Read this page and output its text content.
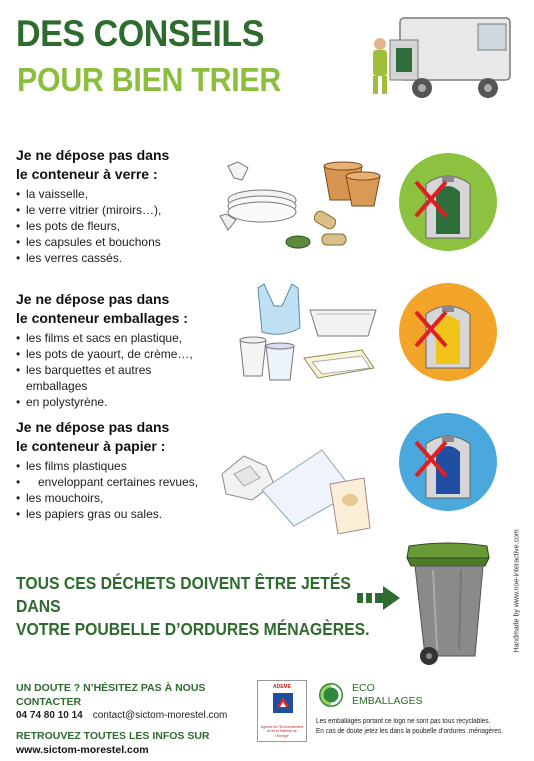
DES CONSEILS
POUR BIEN TRIER
Je ne dépose pas dans
le conteneur à verre :
• la vaisselle,
• le verre vitrier (miroirs…),
• les pots de fleurs,
• les capsules et bouchons
• les verres cassés.
Je ne dépose pas dans
le conteneur emballages :
• les films et sacs en plastique,
• les pots de yaourt, de crème…,
• les barquettes et autres emballages
• en polystyrène.
Je ne dépose pas dans
le conteneur à papier :
• les films plastiques
• enveloppant certaines revues,
• les mouchoirs,
• les papiers gras ou sales.
TOUS CES DÉCHETS DOIVENT ÊTRE JETÉS DANS
VOTRE POUBELLE D’ORDURES MÉNAGÈRES.	Handmade by www.noe-interactive.com
UN DOUTE ? N’HÉSITEZ PAS À NOUS CONTACTER
04 74 80 10 14 contact@sictom-morestel.com
RETROUVEZ TOUTES LES INFOS SUR
www.sictom-morestel.com
ADEME
Agence de l’Environnement et de la Maîtrise de l’Énergie
ECO
EMBALLAGES
Les emballages portant ce logo ne sont pas tous recyclables.
En cas de doute jetez les dans la poubelle d’ordures .ménagères.
